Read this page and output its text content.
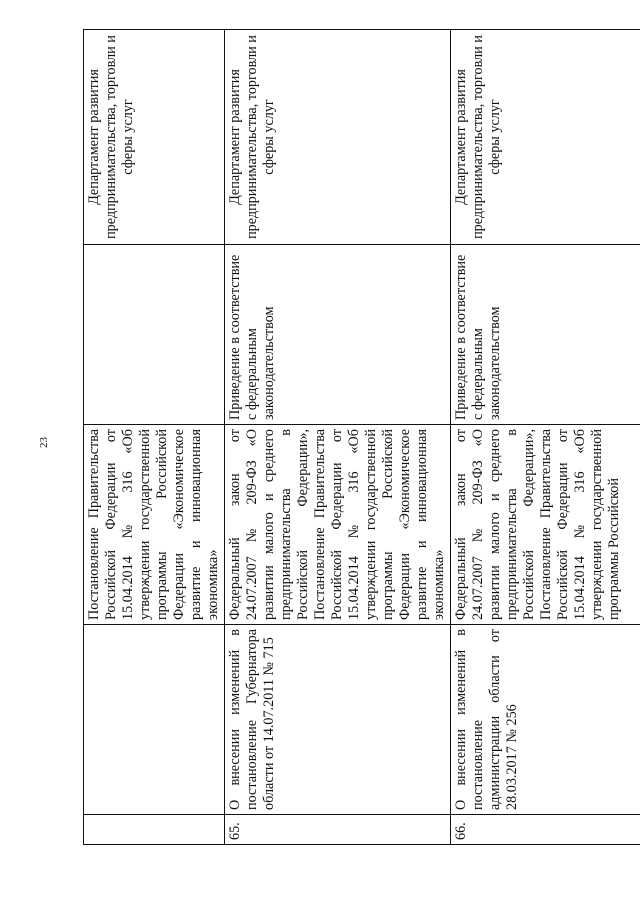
23
			Постановление Правительства Российской Федерации от 15.04.2014 № 316 «Об утверждении государственной программы Российской Федерации «Экономическое развитие и инновационная экономика»		Департамент развития предпринимательства, торговли и сферы услуг
65.	О внесении изменений в постановление Губернатора области от 14.07.2011 № 715	Федеральный закон от 24.07.2007 № 209-ФЗ «О развитии малого и среднего предпринимательства в Российской Федерации», Постановление Правительства Российской Федерации от 15.04.2014 № 316 «Об утверждении государственной программы Российской Федерации «Экономическое развитие и инновационная экономика»	Приведение в соответствие с федеральным законодательством	Департамент развития предпринимательства, торговли и сферы услуг
66.	О внесении изменений в постановление администрации области от 28.03.2017 № 256	Федеральный закон от 24.07.2007 № 209-ФЗ «О развитии малого и среднего предпринимательства в Российской Федерации», Постановление Правительства Российской Федерации от 15.04.2014 № 316 «Об утверждении государственной программы Российской	Приведение в соответствие с федеральным законодательством	Департамент развития предпринимательства, торговли и сферы услуг
